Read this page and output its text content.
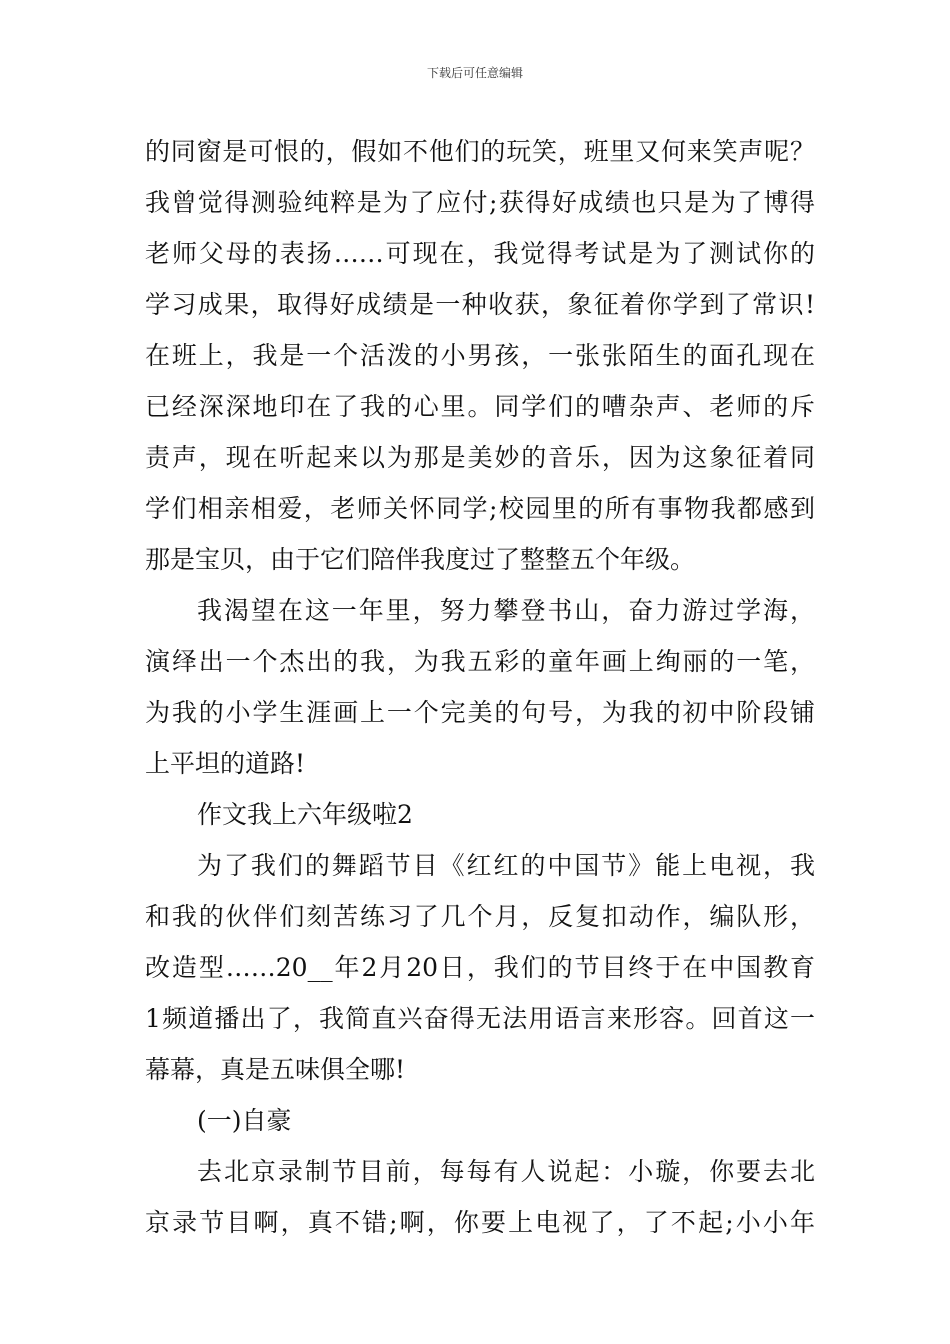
下载后可任意编辑
的同窗是可恨的，假如不他们的玩笑，班里又何来笑声呢？
我曾觉得测验纯粹是为了应付;获得好成绩也只是为了博得
老师父母的表扬……可现在，我觉得考试是为了测试你的
学习成果，取得好成绩是一种收获，象征着你学到了常识!
在班上，我是一个活泼的小男孩，一张张陌生的面孔现在
已经深深地印在了我的心里。同学们的嘈杂声、老师的斥
责声，现在听起来以为那是美妙的音乐，因为这象征着同
学们相亲相爱，老师关怀同学;校园里的所有事物我都感到
那是宝贝，由于它们陪伴我度过了整整五个年级。
我渴望在这一年里，努力攀登书山，奋力游过学海，
演绎出一个杰出的我，为我五彩的童年画上绚丽的一笔，
为我的小学生涯画上一个完美的句号，为我的初中阶段铺
上平坦的道路!
作文我上六年级啦2
为了我们的舞蹈节目《红红的中国节》能上电视，我
和我的伙伴们刻苦练习了几个月，反复扣动作，编队形，
改造型……20__年2月20日，我们的节目终于在中国教育
1频道播出了，我简直兴奋得无法用语言来形容。回首这一
幕幕，真是五味俱全哪!
(一)自豪
去北京录制节目前，每每有人说起：小璇，你要去北
京录节目啊，真不错;啊，你要上电视了，了不起;小小年
